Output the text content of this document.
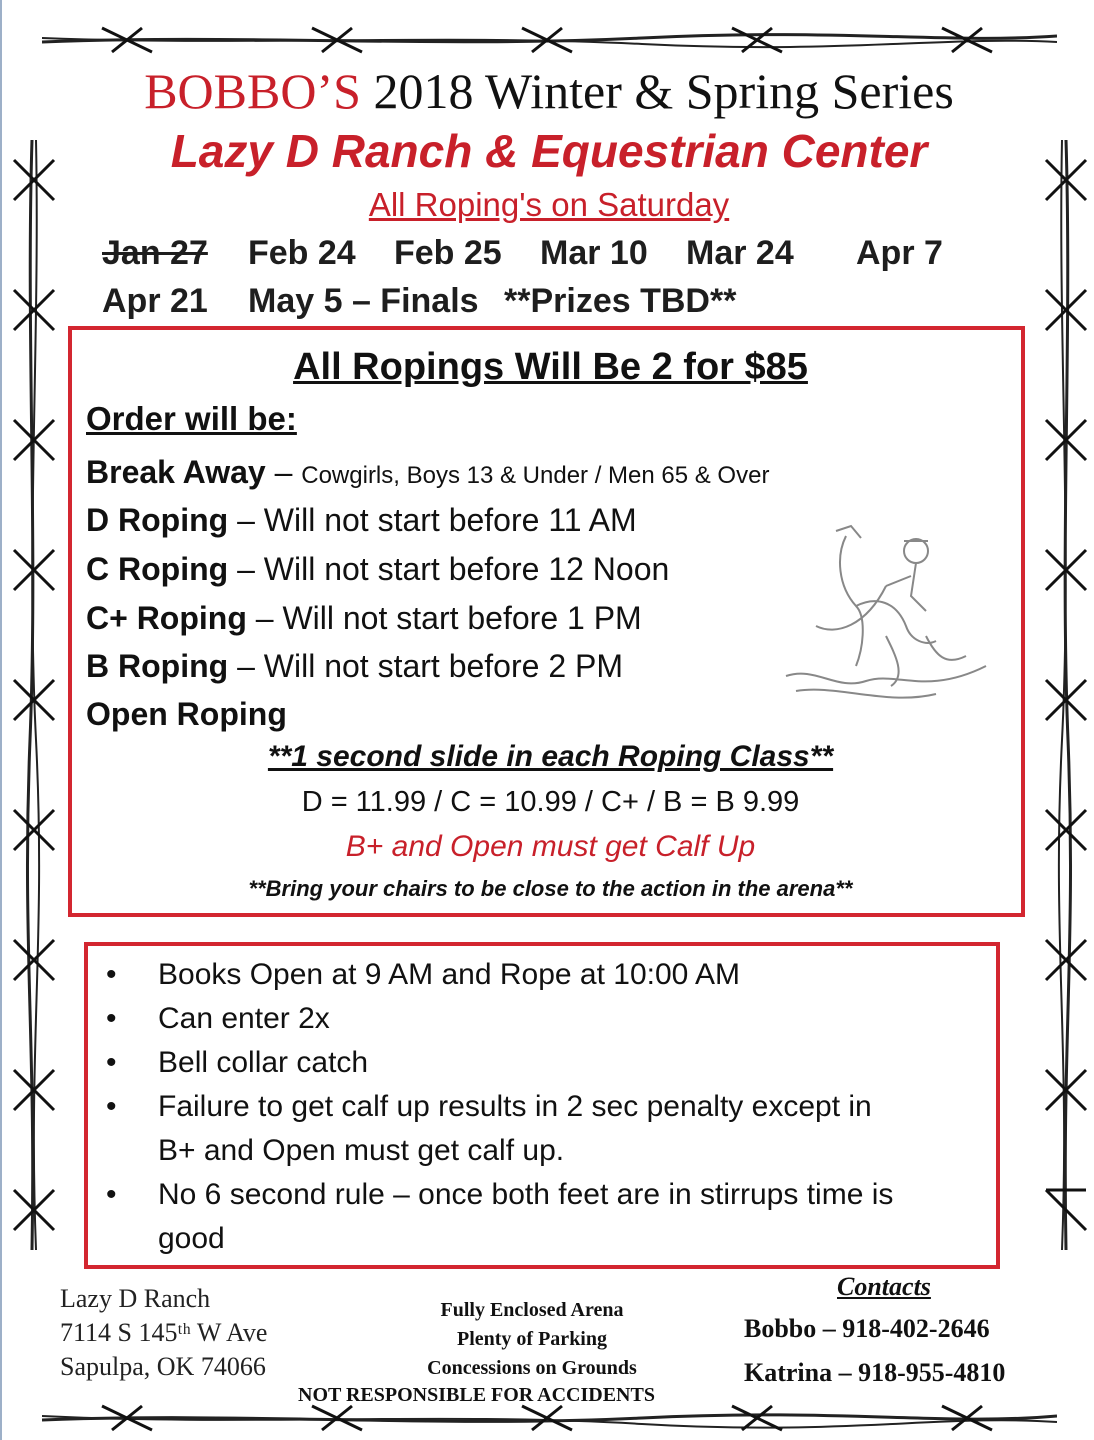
BOBBO’S 2018 Winter & Spring Series
Lazy D Ranch & Equestrian Center
All Roping's on Saturday
Jan 27 Feb 24 Feb 25 Mar 10 Mar 24 Apr 7
Apr 21 May 5 – Finals **Prizes TBD**
All Ropings Will Be 2 for $85
Order will be:
Break Away – Cowgirls, Boys 13 & Under / Men 65 & Over
D Roping – Will not start before 11 AM
C Roping – Will not start before 12 Noon
C+ Roping – Will not start before 1 PM
B Roping – Will not start before 2 PM
Open Roping
**1 second slide in each Roping Class**
D = 11.99 / C = 10.99 / C+ / B = B 9.99
B+ and Open must get Calf Up
**Bring your chairs to be close to the action in the arena**
• Books Open at 9 AM and Rope at 10:00 AM
• Can enter 2x
• Bell collar catch
• Failure to get calf up results in 2 sec penalty except in
B+ and Open must get calf up.
• No 6 second rule – once both feet are in stirrups time is
good
Lazy D Ranch
7114 S 145ᵗʰ W Ave
Sapulpa, OK 74066
Fully Enclosed Arena
Plenty of Parking
Concessions on Grounds
Contacts
Bobbo – 918-402-2646
Katrina – 918-955-4810
NOT RESPONSIBLE FOR ACCIDENTS
